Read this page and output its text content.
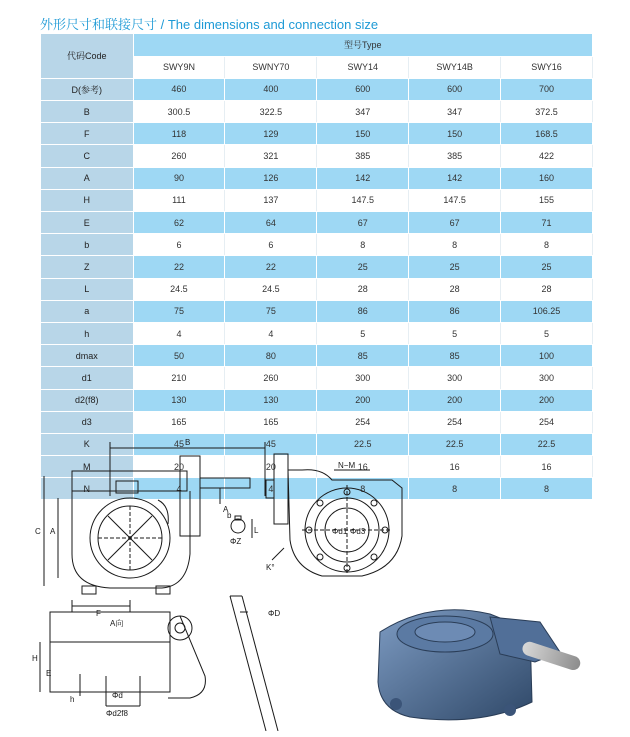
外形尺寸和联接尺寸 / The dimensions and connection size
代码Code	型号Type				
	SWY9N	SWNY70	SWY14	SWY14B	SWY16
D(参考)	460	400	600	600	700
B	300.5	322.5	347	347	372.5
F	118	129	150	150	168.5
C	260	321	385	385	422
A	90	126	142	142	160
H	111	137	147.5	147.5	155
E	62	64	67	67	71
b	6	6	8	8	8
Z	22	22	25	25	25
L	24.5	24.5	28	28	28
a	75	75	86	86	106.25
h	4	4	5	5	5
dmax	50	80	85	85	100
d1	210	260	300	300	300
d2(f8)	130	130	200	200	200
d3	165	165	254	254	254
K	45	45	22.5	22.5	22.5
M	20	20	16	16	16
N	4	4	8	8	8
B
C A
F
A
b
L
ΦZ
H
E
h	Φd
Φd2f8
A向
ΦD
N−M
Φd1 Φd3
K°
